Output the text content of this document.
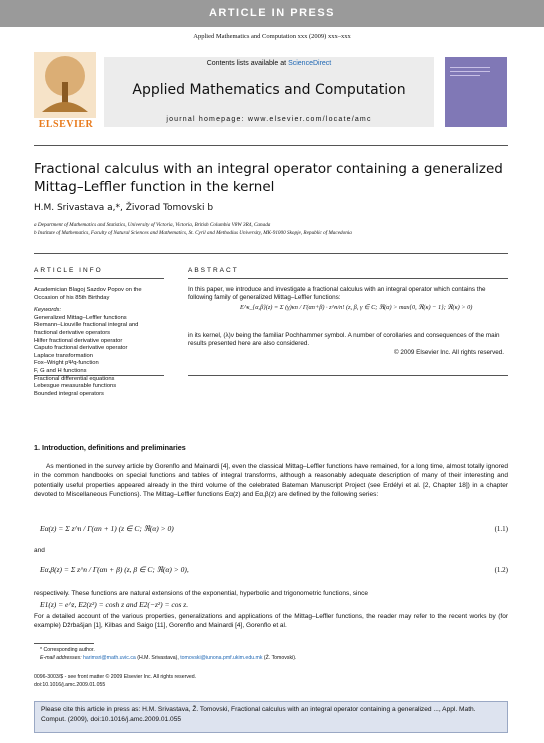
ARTICLE IN PRESS
Applied Mathematics and Computation xxx (2009) xxx–xxx
ELSEVIER
Contents lists available at ScienceDirect
Applied Mathematics and Computation
journal homepage: www.elsevier.com/locate/amc
Fractional calculus with an integral operator containing a generalized
Mittag–Leffler function in the kernel
H.M. Srivastava a,*, Živorad Tomovski b
a Department of Mathematics and Statistics, University of Victoria, Victoria, British Columbia V8W 3R4, Canada
b Institute of Mathematics, Faculty of Natural Sciences and Mathematics, St. Cyril and Methodius University, MK-91000 Skopje, Republic of Macedonia
ARTICLE INFO	ABSTRACT
Academician Blagoj Sazdov Popov on the Occasion of his 85th Birthday
Keywords:
Generalized Mittag–Leffler functions
Riemann–Liouville fractional integral and
fractional derivative operators
Hilfer fractional derivative operator
Caputo fractional derivative operator
Laplace transformation
Fox–Wright pΨq-function
F, G and H functions
Fractional differential equations
Lebesgue measurable functions
Bounded integral operators
In this paper, we introduce and investigate a fractional calculus with an integral operator which contains the following family of generalized Mittag–Leffler functions:
E^κ_{α,β}(z) = Σ (γ)κn / Γ(αn+β) · z^n/n! (z, β, γ ∈ C; ℜ(α) > max{0, ℜ(κ) − 1}; ℜ(κ) > 0)
in its kernel, (λ)ν being the familiar Pochhammer symbol. A number of corollaries and consequences of the main results presented here are also considered.
© 2009 Elsevier Inc. All rights reserved.
1. Introduction, definitions and preliminaries
As mentioned in the survey article by Gorenflo and Mainardi [4], even the classical Mittag–Leffler functions have remained, for a long time, almost totally ignored in the common handbooks on special functions and tables of integral transforms, although a reasonably adequate description of many of their interesting and potentially useful properties appeared already in the third volume of the celebrated Bateman Manuscript Project (see Erdélyi et al. [2, Chapter 18]) in a chapter devoted to Miscellaneous Functions). The Mittag–Leffler functions Eα(z) and Eα,β(z) are defined by the following series:
Eα(z) = Σ z^n / Γ(αn + 1) (z ∈ C; ℜ(α) > 0)	(1.1)
and
Eα,β(z) = Σ z^n / Γ(αn + β) (z, β ∈ C; ℜ(α) > 0),	(1.2)
respectively. These functions are natural extensions of the exponential, hyperbolic and trigonometric functions, since
E1(z) = e^z, E2(z²) = cosh z and E2(−z²) = cos z.
For a detailed account of the various properties, generalizations and applications of the Mittag–Leffler functions, the reader may refer to the recent works by (for example) Džrbašjan [1], Kilbas and Saigo [11], Gorenflo and Mainardi [4], Gorenflo et al.
* Corresponding author.
E-mail addresses: harimsri@math.uvic.ca (H.M. Srivastava), tomovski@iunona.pmf.ukim.edu.mk (Ž. Tomovski).
0096-3003/$ - see front matter © 2009 Elsevier Inc. All rights reserved.
doi:10.1016/j.amc.2009.01.055
Please cite this article in press as: H.M. Srivastava, Ž. Tomovski, Fractional calculus with an integral operator containing a generalized ..., Appl. Math. Comput. (2009), doi:10.1016/j.amc.2009.01.055
